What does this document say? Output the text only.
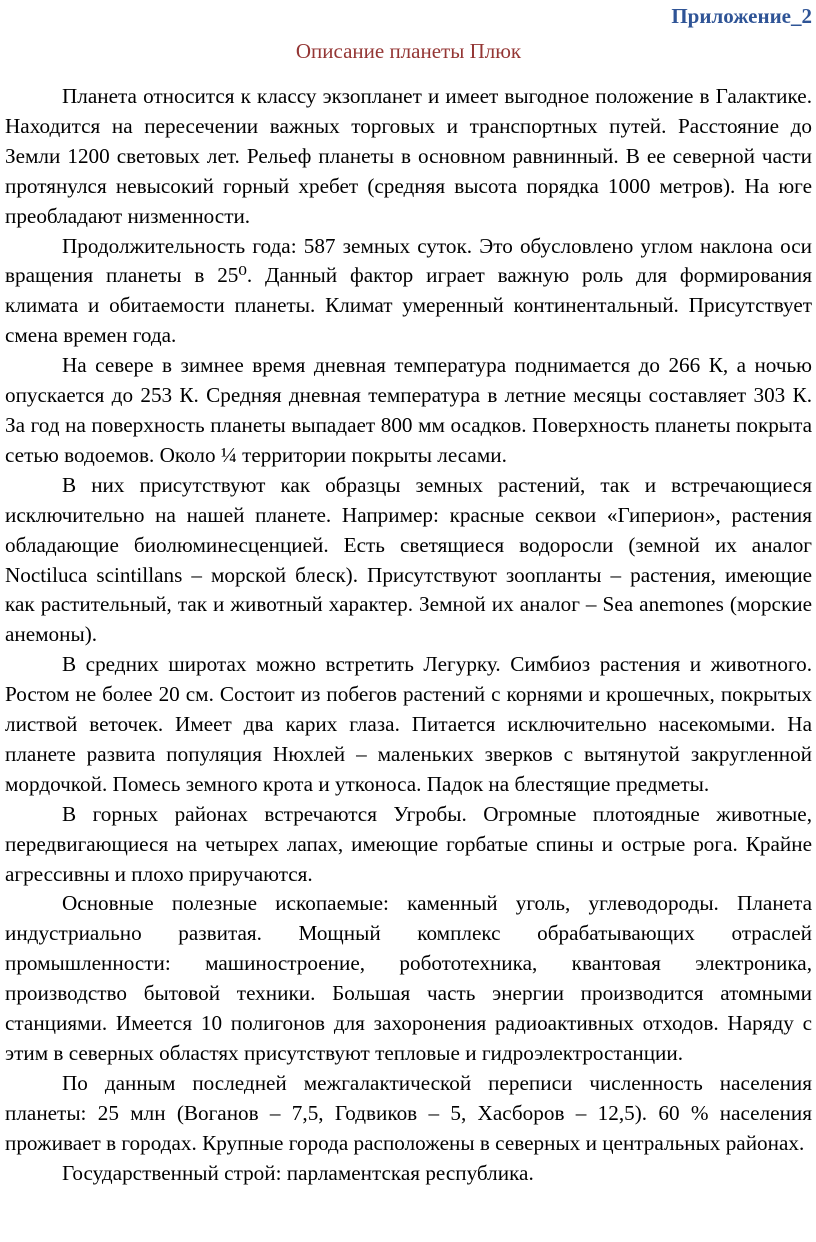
Приложение_2
Описание планеты Плюк

Планета относится к классу экзопланет и имеет выгодное положение в Галактике. Находится на пересечении важных торговых и транспортных путей. Расстояние до Земли 1200 световых лет. Рельеф планеты в основном равнинный. В ее северной части протянулся невысокий горный хребет (средняя высота порядка 1000 метров). На юге преобладают низменности.

Продолжительность года: 587 земных суток. Это обусловлено углом наклона оси вращения планеты в 25⁰. Данный фактор играет важную роль для формирования климата и обитаемости планеты. Климат умеренный континентальный. Присутствует смена времен года.

На севере в зимнее время дневная температура поднимается до 266 К, а ночью опускается до 253 К. Средняя дневная температура в летние месяцы составляет 303 К. За год на поверхность планеты выпадает 800 мм осадков. Поверхность планеты покрыта сетью водоемов. Около ¼ территории покрыты лесами.

В них присутствуют как образцы земных растений, так и встречающиеся исключительно на нашей планете. Например: красные секвои «Гиперион», растения обладающие биолюминесценцией. Есть светящиеся водоросли (земной их аналог Noctiluca scintillans – морской блеск). Присутствуют зоопланты – растения, имеющие как растительный, так и животный характер. Земной их аналог – Sea anemones (морские анемоны).

В средних широтах можно встретить Легурку. Симбиоз растения и животного. Ростом не более 20 см. Состоит из побегов растений с корнями и крошечных, покрытых листвой веточек. Имеет два карих глаза. Питается исключительно насекомыми. На планете развита популяция Нюхлей – маленьких зверков с вытянутой закругленной мордочкой. Помесь земного крота и утконоса. Падок на блестящие предметы.

В горных районах встречаются Угробы. Огромные плотоядные животные, передвигающиеся на четырех лапах, имеющие горбатые спины и острые рога. Крайне агрессивны и плохо приручаются.

Основные полезные ископаемые: каменный уголь, углеводороды. Планета индустриально развитая. Мощный комплекс обрабатывающих отраслей промышленности: машиностроение, робототехника, квантовая электроника, производство бытовой техники. Большая часть энергии производится атомными станциями. Имеется 10 полигонов для захоронения радиоактивных отходов. Наряду с этим в северных областях присутствуют тепловые и гидроэлектростанции.

По данным последней межгалактической переписи численность населения планеты: 25 млн (Воганов – 7,5, Годвиков – 5, Хасборов – 12,5). 60 % населения проживает в городах. Крупные города расположены в северных и центральных районах.

Государственный строй: парламентская республика.
